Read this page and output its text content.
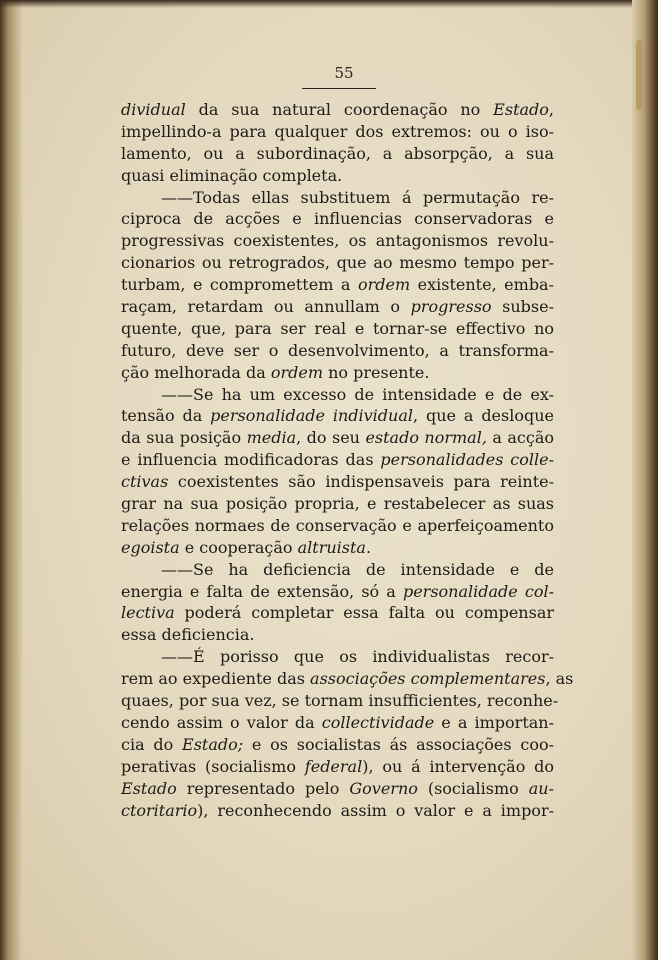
55
dividual da sua natural coordenação no Estado,
impellindo-a para qualquer dos extremos: ou o iso-
lamento, ou a subordinação, a absorpção, a sua
quasi eliminação completa.
——Todas ellas substituem á permutação re-
ciproca de acções e influencias conservadoras e
progressivas coexistentes, os antagonismos revolu-
cionarios ou retrogrados, que ao mesmo tempo per-
turbam, e compromettem a ordem existente, emba-
raçam, retardam ou annullam o progresso subse-
quente, que, para ser real e tornar-se effectivo no
futuro, deve ser o desenvolvimento, a transforma-
ção melhorada da ordem no presente.
——Se ha um excesso de intensidade e de ex-
tensão da personalidade individual, que a desloque
da sua posição media, do seu estado normal, a acção
e influencia modificadoras das personalidades colle-
ctivas coexistentes são indispensaveis para reinte-
grar na sua posição propria, e restabelecer as suas
relações normaes de conservação e aperfeiçoamento
egoista e cooperação altruista.
——Se ha deficiencia de intensidade e de
energia e falta de extensão, só a personalidade col-
lectiva poderá completar essa falta ou compensar
essa deficiencia.
——É porisso que os individualistas recor-
rem ao expediente das associações complementares, as
quaes, por sua vez, se tornam insufficientes, reconhe-
cendo assim o valor da collectividade e a importan-
cia do Estado; e os socialistas ás associações coo-
perativas (socialismo federal), ou á intervenção do
Estado representado pelo Governo (socialismo au-
ctoritario), reconhecendo assim o valor e a impor-
